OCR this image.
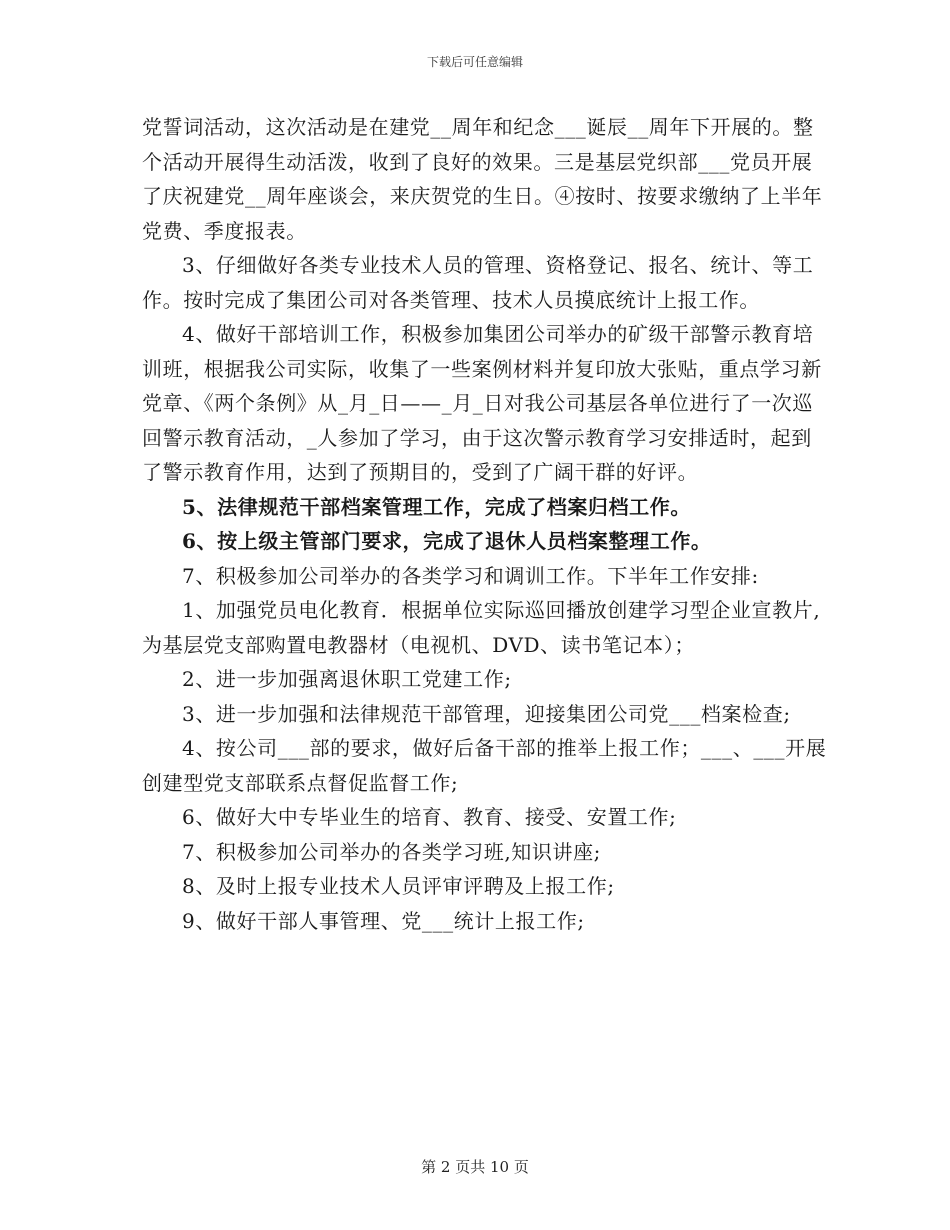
下载后可任意编辑

党誓词活动，这次活动是在建党__周年和纪念___诞辰__周年下开展的。整个活动开展得生动活泼，收到了良好的效果。三是基层党织部___党员开展了庆祝建党__周年座谈会，来庆贺党的生日。④按时、按要求缴纳了上半年党费、季度报表。

3、仔细做好各类专业技术人员的管理、资格登记、报名、统计、等工作。按时完成了集团公司对各类管理、技术人员摸底统计上报工作。

4、做好干部培训工作，积极参加集团公司举办的矿级干部警示教育培训班，根据我公司实际，收集了一些案例材料并复印放大张贴，重点学习新党章、《两个条例》从_月_日——_月_日对我公司基层各单位进行了一次巡回警示教育活动，_人参加了学习，由于这次警示教育学习安排适时，起到了警示教育作用，达到了预期目的，受到了广阔干群的好评。

5、法律规范干部档案管理工作，完成了档案归档工作。

6、按上级主管部门要求，完成了退休人员档案整理工作。

7、积极参加公司举办的各类学习和调训工作。下半年工作安排:

1、加强党员电化教育．根据单位实际巡回播放创建学习型企业宣教片,为基层党支部购置电教器材（电视机、DVD、读书笔记本）；

2、进一步加强离退休职工党建工作;

3、进一步加强和法律规范干部管理，迎接集团公司党___档案检查;

4、按公司___部的要求，做好后备干部的推举上报工作；___、___开展创建型党支部联系点督促监督工作;

6、做好大中专毕业生的培育、教育、接受、安置工作;

7、积极参加公司举办的各类学习班,知识讲座;

8、及时上报专业技术人员评审评聘及上报工作;

9、做好干部人事管理、党___统计上报工作;

第 2 页共 10 页
